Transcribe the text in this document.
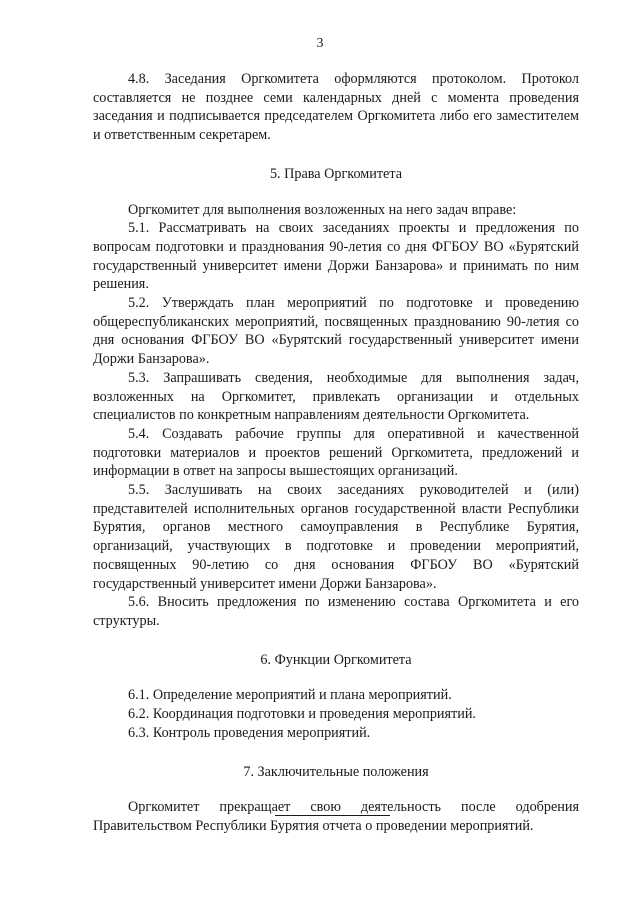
3

4.8. Заседания Оргкомитета оформляются протоколом. Протокол составляется не позднее семи календарных дней с момента проведения заседания и подписывается председателем Оргкомитета либо его заместителем и ответственным секретарем.

5. Права Оргкомитета

Оргкомитет для выполнения возложенных на него задач вправе:

5.1. Рассматривать на своих заседаниях проекты и предложения по вопросам подготовки и празднования 90-летия со дня ФГБОУ ВО «Бурятский государственный университет имени Доржи Банзарова» и принимать по ним решения.

5.2. Утверждать план мероприятий по подготовке и проведению общереспубликанских мероприятий, посвященных празднованию 90-летия со дня основания ФГБОУ ВО «Бурятский государственный университет имени Доржи Банзарова».

5.3. Запрашивать сведения, необходимые для выполнения задач, возложенных на Оргкомитет, привлекать организации и отдельных специалистов по конкретным направлениям деятельности Оргкомитета.

5.4. Создавать рабочие группы для оперативной и качественной подготовки материалов и проектов решений Оргкомитета, предложений и информации в ответ на запросы вышестоящих организаций.

5.5. Заслушивать на своих заседаниях руководителей и (или) представителей исполнительных органов государственной власти Республики Бурятия, органов местного самоуправления в Республике Бурятия, организаций, участвующих в подготовке и проведении мероприятий, посвященных 90-летию со дня основания ФГБОУ ВО «Бурятский государственный университет имени Доржи Банзарова».

5.6. Вносить предложения по изменению состава Оргкомитета и его структуры.

6. Функции Оргкомитета

6.1. Определение мероприятий и плана мероприятий.

6.2. Координация подготовки и проведения мероприятий.

6.3. Контроль проведения мероприятий.

7. Заключительные положения

Оргкомитет прекращает свою деятельность после одобрения Правительством Республики Бурятия отчета о проведении мероприятий.
